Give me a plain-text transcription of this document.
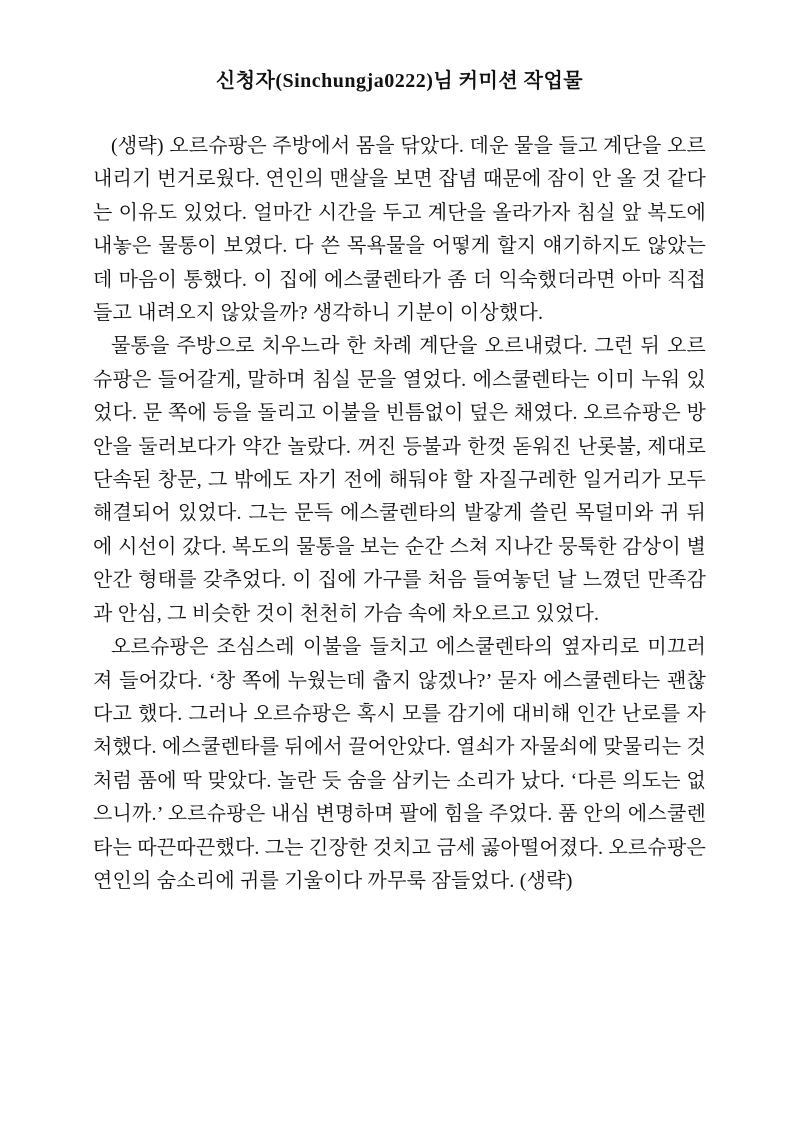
신청자(Sinchungja0222)님 커미션 작업물

(생략) 오르슈팡은 주방에서 몸을 닦았다. 데운 물을 들고 계단을 오르내리기 번거로웠다. 연인의 맨살을 보면 잡념 때문에 잠이 안 올 것 같다는 이유도 있었다. 얼마간 시간을 두고 계단을 올라가자 침실 앞 복도에 내놓은 물통이 보였다. 다 쓴 목욕물을 어떻게 할지 얘기하지도 않았는데 마음이 통했다. 이 집에 에스쿨렌타가 좀 더 익숙했더라면 아마 직접 들고 내려오지 않았을까? 생각하니 기분이 이상했다.

물통을 주방으로 치우느라 한 차례 계단을 오르내렸다. 그런 뒤 오르슈팡은 들어갈게, 말하며 침실 문을 열었다. 에스쿨렌타는 이미 누워 있었다. 문 쪽에 등을 돌리고 이불을 빈틈없이 덮은 채였다. 오르슈팡은 방 안을 둘러보다가 약간 놀랐다. 꺼진 등불과 한껏 돋워진 난롯불, 제대로 단속된 창문, 그 밖에도 자기 전에 해둬야 할 자질구레한 일거리가 모두 해결되어 있었다. 그는 문득 에스쿨렌타의 발갛게 쓸린 목덜미와 귀 뒤에 시선이 갔다. 복도의 물통을 보는 순간 스쳐 지나간 뭉툭한 감상이 별안간 형태를 갖추었다. 이 집에 가구를 처음 들여놓던 날 느꼈던 만족감과 안심, 그 비슷한 것이 천천히 가슴 속에 차오르고 있었다.

오르슈팡은 조심스레 이불을 들치고 에스쿨렌타의 옆자리로 미끄러져 들어갔다. ‘창 쪽에 누웠는데 춥지 않겠나?’ 묻자 에스쿨렌타는 괜찮다고 했다. 그러나 오르슈팡은 혹시 모를 감기에 대비해 인간 난로를 자처했다. 에스쿨렌타를 뒤에서 끌어안았다. 열쇠가 자물쇠에 맞물리는 것처럼 품에 딱 맞았다. 놀란 듯 숨을 삼키는 소리가 났다. ‘다른 의도는 없으니까.’ 오르슈팡은 내심 변명하며 팔에 힘을 주었다. 품 안의 에스쿨렌타는 따끈따끈했다. 그는 긴장한 것치고 금세 곯아떨어졌다. 오르슈팡은 연인의 숨소리에 귀를 기울이다 까무룩 잠들었다. (생략)
